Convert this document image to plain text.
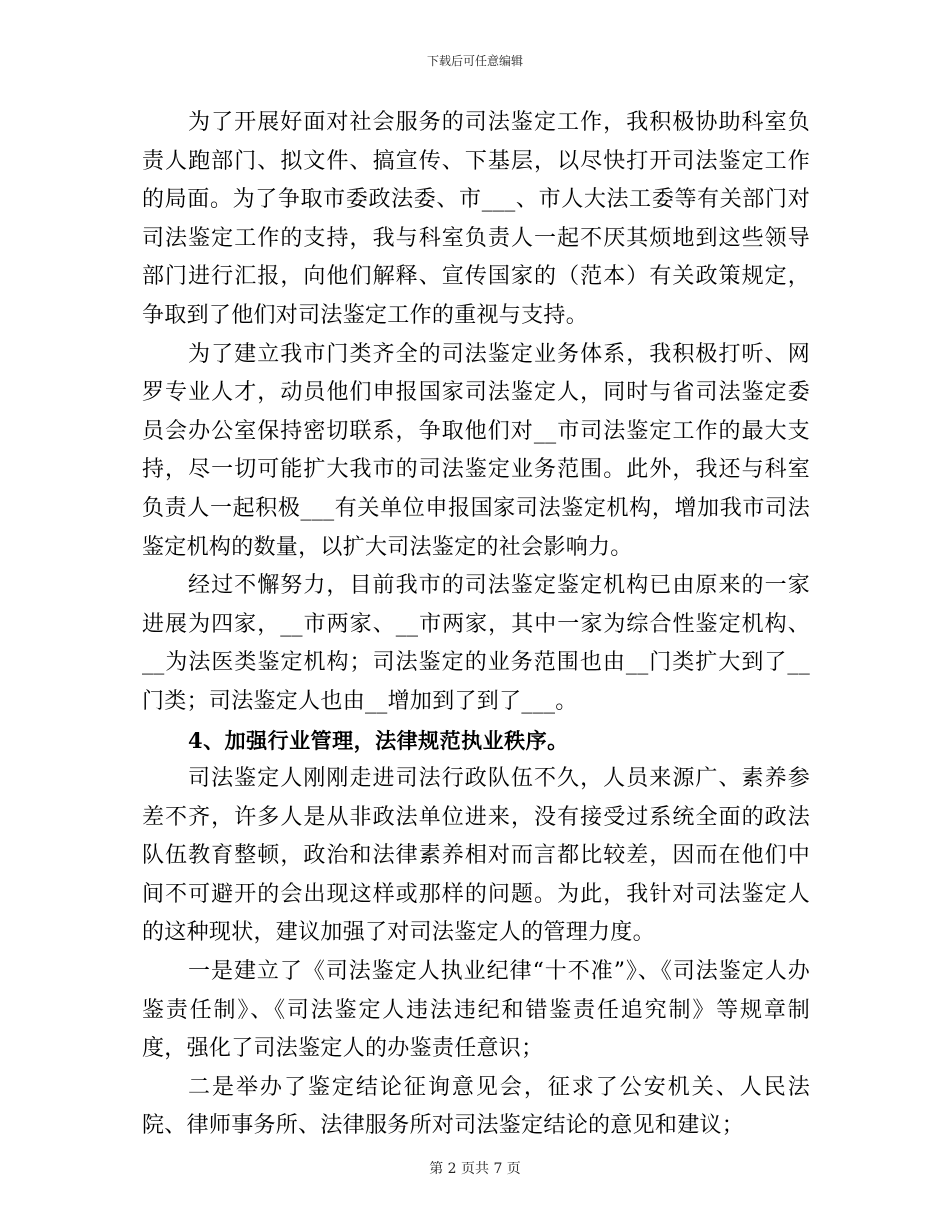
下载后可任意编辑

为了开展好面对社会服务的司法鉴定工作，我积极协助科室负责人跑部门、拟文件、搞宣传、下基层，以尽快打开司法鉴定工作的局面。为了争取市委政法委、市___、市人大法工委等有关部门对司法鉴定工作的支持，我与科室负责人一起不厌其烦地到这些领导部门进行汇报，向他们解释、宣传国家的（范本）有关政策规定，争取到了他们对司法鉴定工作的重视与支持。

为了建立我市门类齐全的司法鉴定业务体系，我积极打听、网罗专业人才，动员他们申报国家司法鉴定人，同时与省司法鉴定委员会办公室保持密切联系，争取他们对__市司法鉴定工作的最大支持，尽一切可能扩大我市的司法鉴定业务范围。此外，我还与科室负责人一起积极___有关单位申报国家司法鉴定机构，增加我市司法鉴定机构的数量，以扩大司法鉴定的社会影响力。

经过不懈努力，目前我市的司法鉴定鉴定机构已由原来的一家进展为四家，__市两家、__市两家，其中一家为综合性鉴定机构、__为法医类鉴定机构；司法鉴定的业务范围也由__门类扩大到了__门类；司法鉴定人也由__增加到了到了___。

4、加强行业管理，法律规范执业秩序。

司法鉴定人刚刚走进司法行政队伍不久，人员来源广、素养参差不齐，许多人是从非政法单位进来，没有接受过系统全面的政法队伍教育整顿，政治和法律素养相对而言都比较差，因而在他们中间不可避开的会出现这样或那样的问题。为此，我针对司法鉴定人的这种现状，建议加强了对司法鉴定人的管理力度。

一是建立了《司法鉴定人执业纪律“十不准”》、《司法鉴定人办鉴责任制》、《司法鉴定人违法违纪和错鉴责任追究制》等规章制度，强化了司法鉴定人的办鉴责任意识；

二是举办了鉴定结论征询意见会，征求了公安机关、人民法院、律师事务所、法律服务所对司法鉴定结论的意见和建议；

第 2 页共 7 页
